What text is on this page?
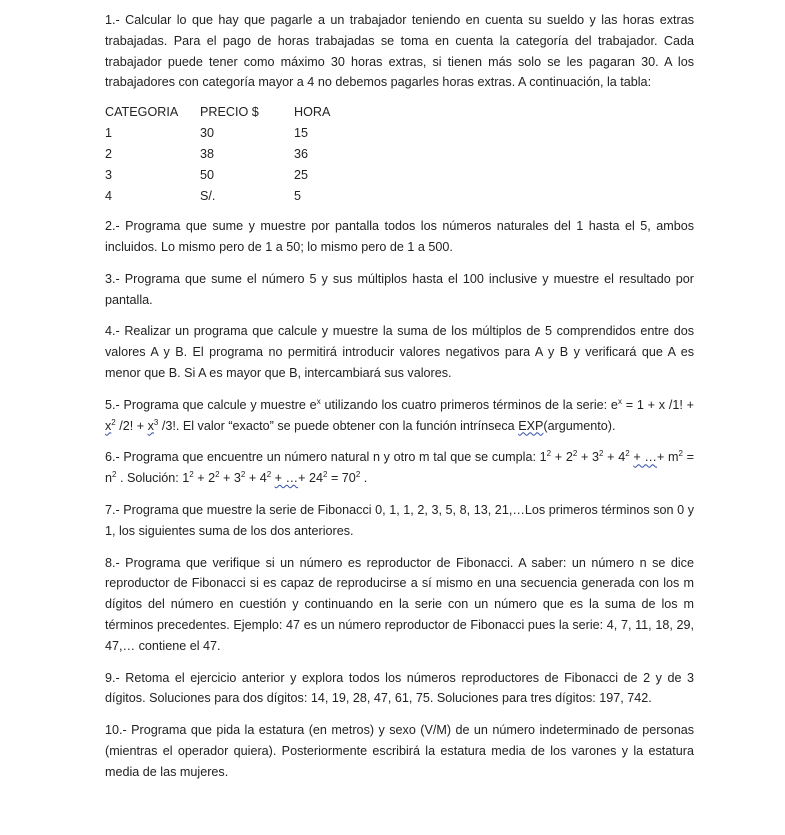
1.- Calcular lo que hay que pagarle a un trabajador teniendo en cuenta su sueldo y las horas extras trabajadas. Para el pago de horas trabajadas se toma en cuenta la categoría del trabajador. Cada trabajador puede tener como máximo 30 horas extras, si tienen más solo se les pagaran 30. A los trabajadores con categoría mayor a 4 no debemos pagarles horas extras. A continuación, la tabla:

CATEGORIA	PRECIO $	HORA
1	30	15
2	38	36
3	50	25
4	S/.	5

2.- Programa que sume y muestre por pantalla todos los números naturales del 1 hasta el 5, ambos incluidos. Lo mismo pero de 1 a 50; lo mismo pero de 1 a 500.

3.- Programa que sume el número 5 y sus múltiplos hasta el 100 inclusive y muestre el resultado por pantalla.

4.- Realizar un programa que calcule y muestre la suma de los múltiplos de 5 comprendidos entre dos valores A y B. El programa no permitirá introducir valores negativos para A y B y verificará que A es menor que B. Si A es mayor que B, intercambiará sus valores.

5.- Programa que calcule y muestre $e^x$ utilizando los cuatro primeros términos de la serie: $e^x = 1 + x$ /1! + $x^2$ /2! + $x^3$ /3!. El valor “exacto” se puede obtener con la función intrínseca EXP(argumento).

6.- Programa que encuentre un número natural n y otro m tal que se cumpla: $1^2 + 2^2 + 3^2 + 4^2$ + …+ $m^2 = n^2$ . Solución: $1^2 + 2^2 + 3^2 + 4^2$ + …+ $24^2 = 70^2$ .

7.- Programa que muestre la serie de Fibonacci 0, 1, 1, 2, 3, 5, 8, 13, 21,…Los primeros términos son 0 y 1, los siguientes suma de los dos anteriores.

8.- Programa que verifique si un número es reproductor de Fibonacci. A saber: un número n se dice reproductor de Fibonacci si es capaz de reproducirse a sí mismo en una secuencia generada con los m dígitos del número en cuestión y continuando en la serie con un número que es la suma de los m términos precedentes. Ejemplo: 47 es un número reproductor de Fibonacci pues la serie: 4, 7, 11, 18, 29, 47,… contiene el 47.

9.- Retoma el ejercicio anterior y explora todos los números reproductores de Fibonacci de 2 y de 3 dígitos. Soluciones para dos dígitos: 14, 19, 28, 47, 61, 75. Soluciones para tres dígitos: 197, 742.

10.- Programa que pida la estatura (en metros) y sexo (V/M) de un número indeterminado de personas (mientras el operador quiera). Posteriormente escribirá la estatura media de los varones y la estatura media de las mujeres.
